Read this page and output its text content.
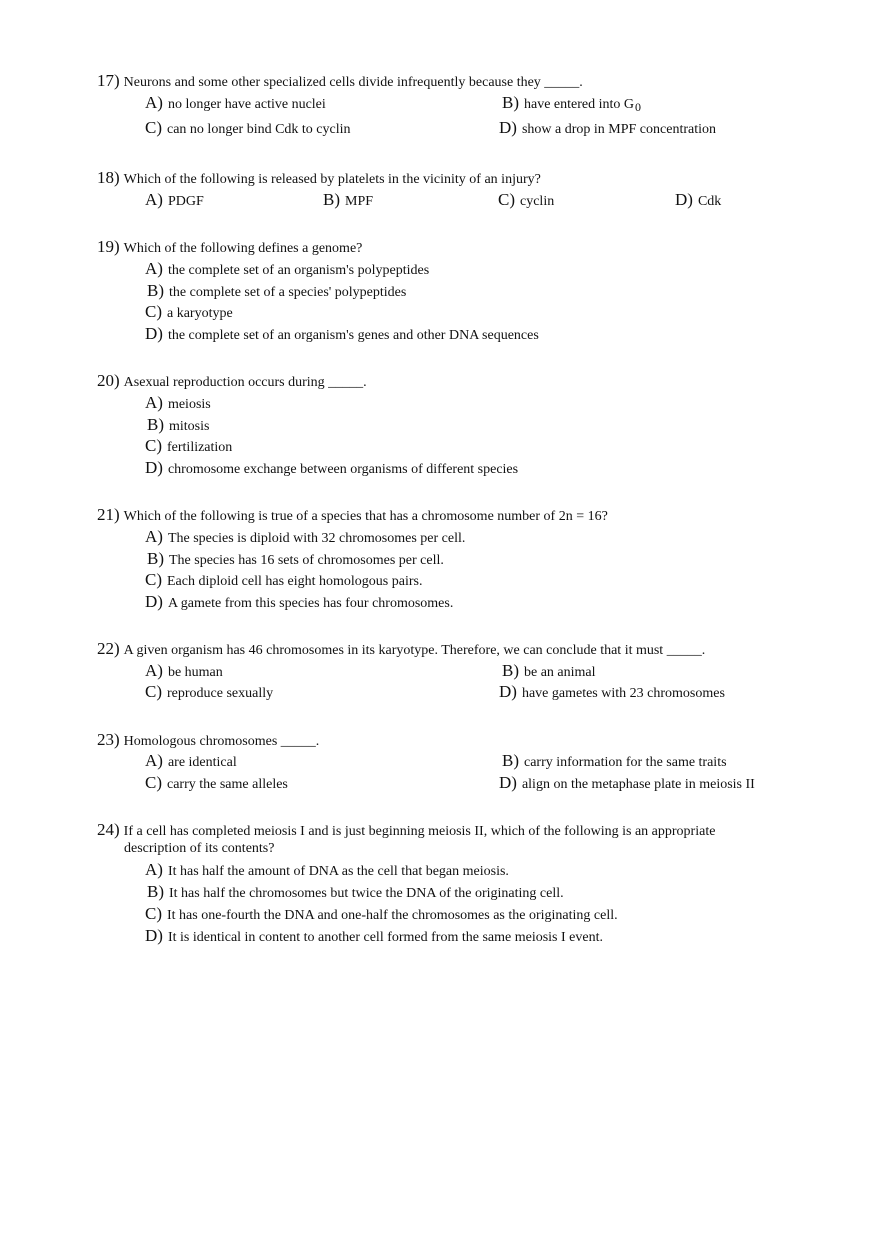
17) Neurons and some other specialized cells divide infrequently because they _____.
A) no longer have active nuclei	B) have entered into G0
C) can no longer bind Cdk to cyclin	D) show a drop in MPF concentration
18) Which of the following is released by platelets in the vicinity of an injury?
A) PDGF	B) MPF	C) cyclin	D) Cdk
19) Which of the following defines a genome?
A) the complete set of an organism's polypeptides
B) the complete set of a species' polypeptides
C) a karyotype
D) the complete set of an organism's genes and other DNA sequences
20) Asexual reproduction occurs during _____.
A) meiosis
B) mitosis
C) fertilization
D) chromosome exchange between organisms of different species
21) Which of the following is true of a species that has a chromosome number of 2n = 16?
A) The species is diploid with 32 chromosomes per cell.
B) The species has 16 sets of chromosomes per cell.
C) Each diploid cell has eight homologous pairs.
D) A gamete from this species has four chromosomes.
22) A given organism has 46 chromosomes in its karyotype. Therefore, we can conclude that it must _____.
A) be human	B) be an animal
C) reproduce sexually	D) have gametes with 23 chromosomes
23) Homologous chromosomes _____.
A) are identical	B) carry information for the same traits
C) carry the same alleles	D) align on the metaphase plate in meiosis II
24) If a cell has completed meiosis I and is just beginning meiosis II, which of the following is an appropriate
description of its contents?
A) It has half the amount of DNA as the cell that began meiosis.
B) It has half the chromosomes but twice the DNA of the originating cell.
C) It has one-fourth the DNA and one-half the chromosomes as the originating cell.
D) It is identical in content to another cell formed from the same meiosis I event.
